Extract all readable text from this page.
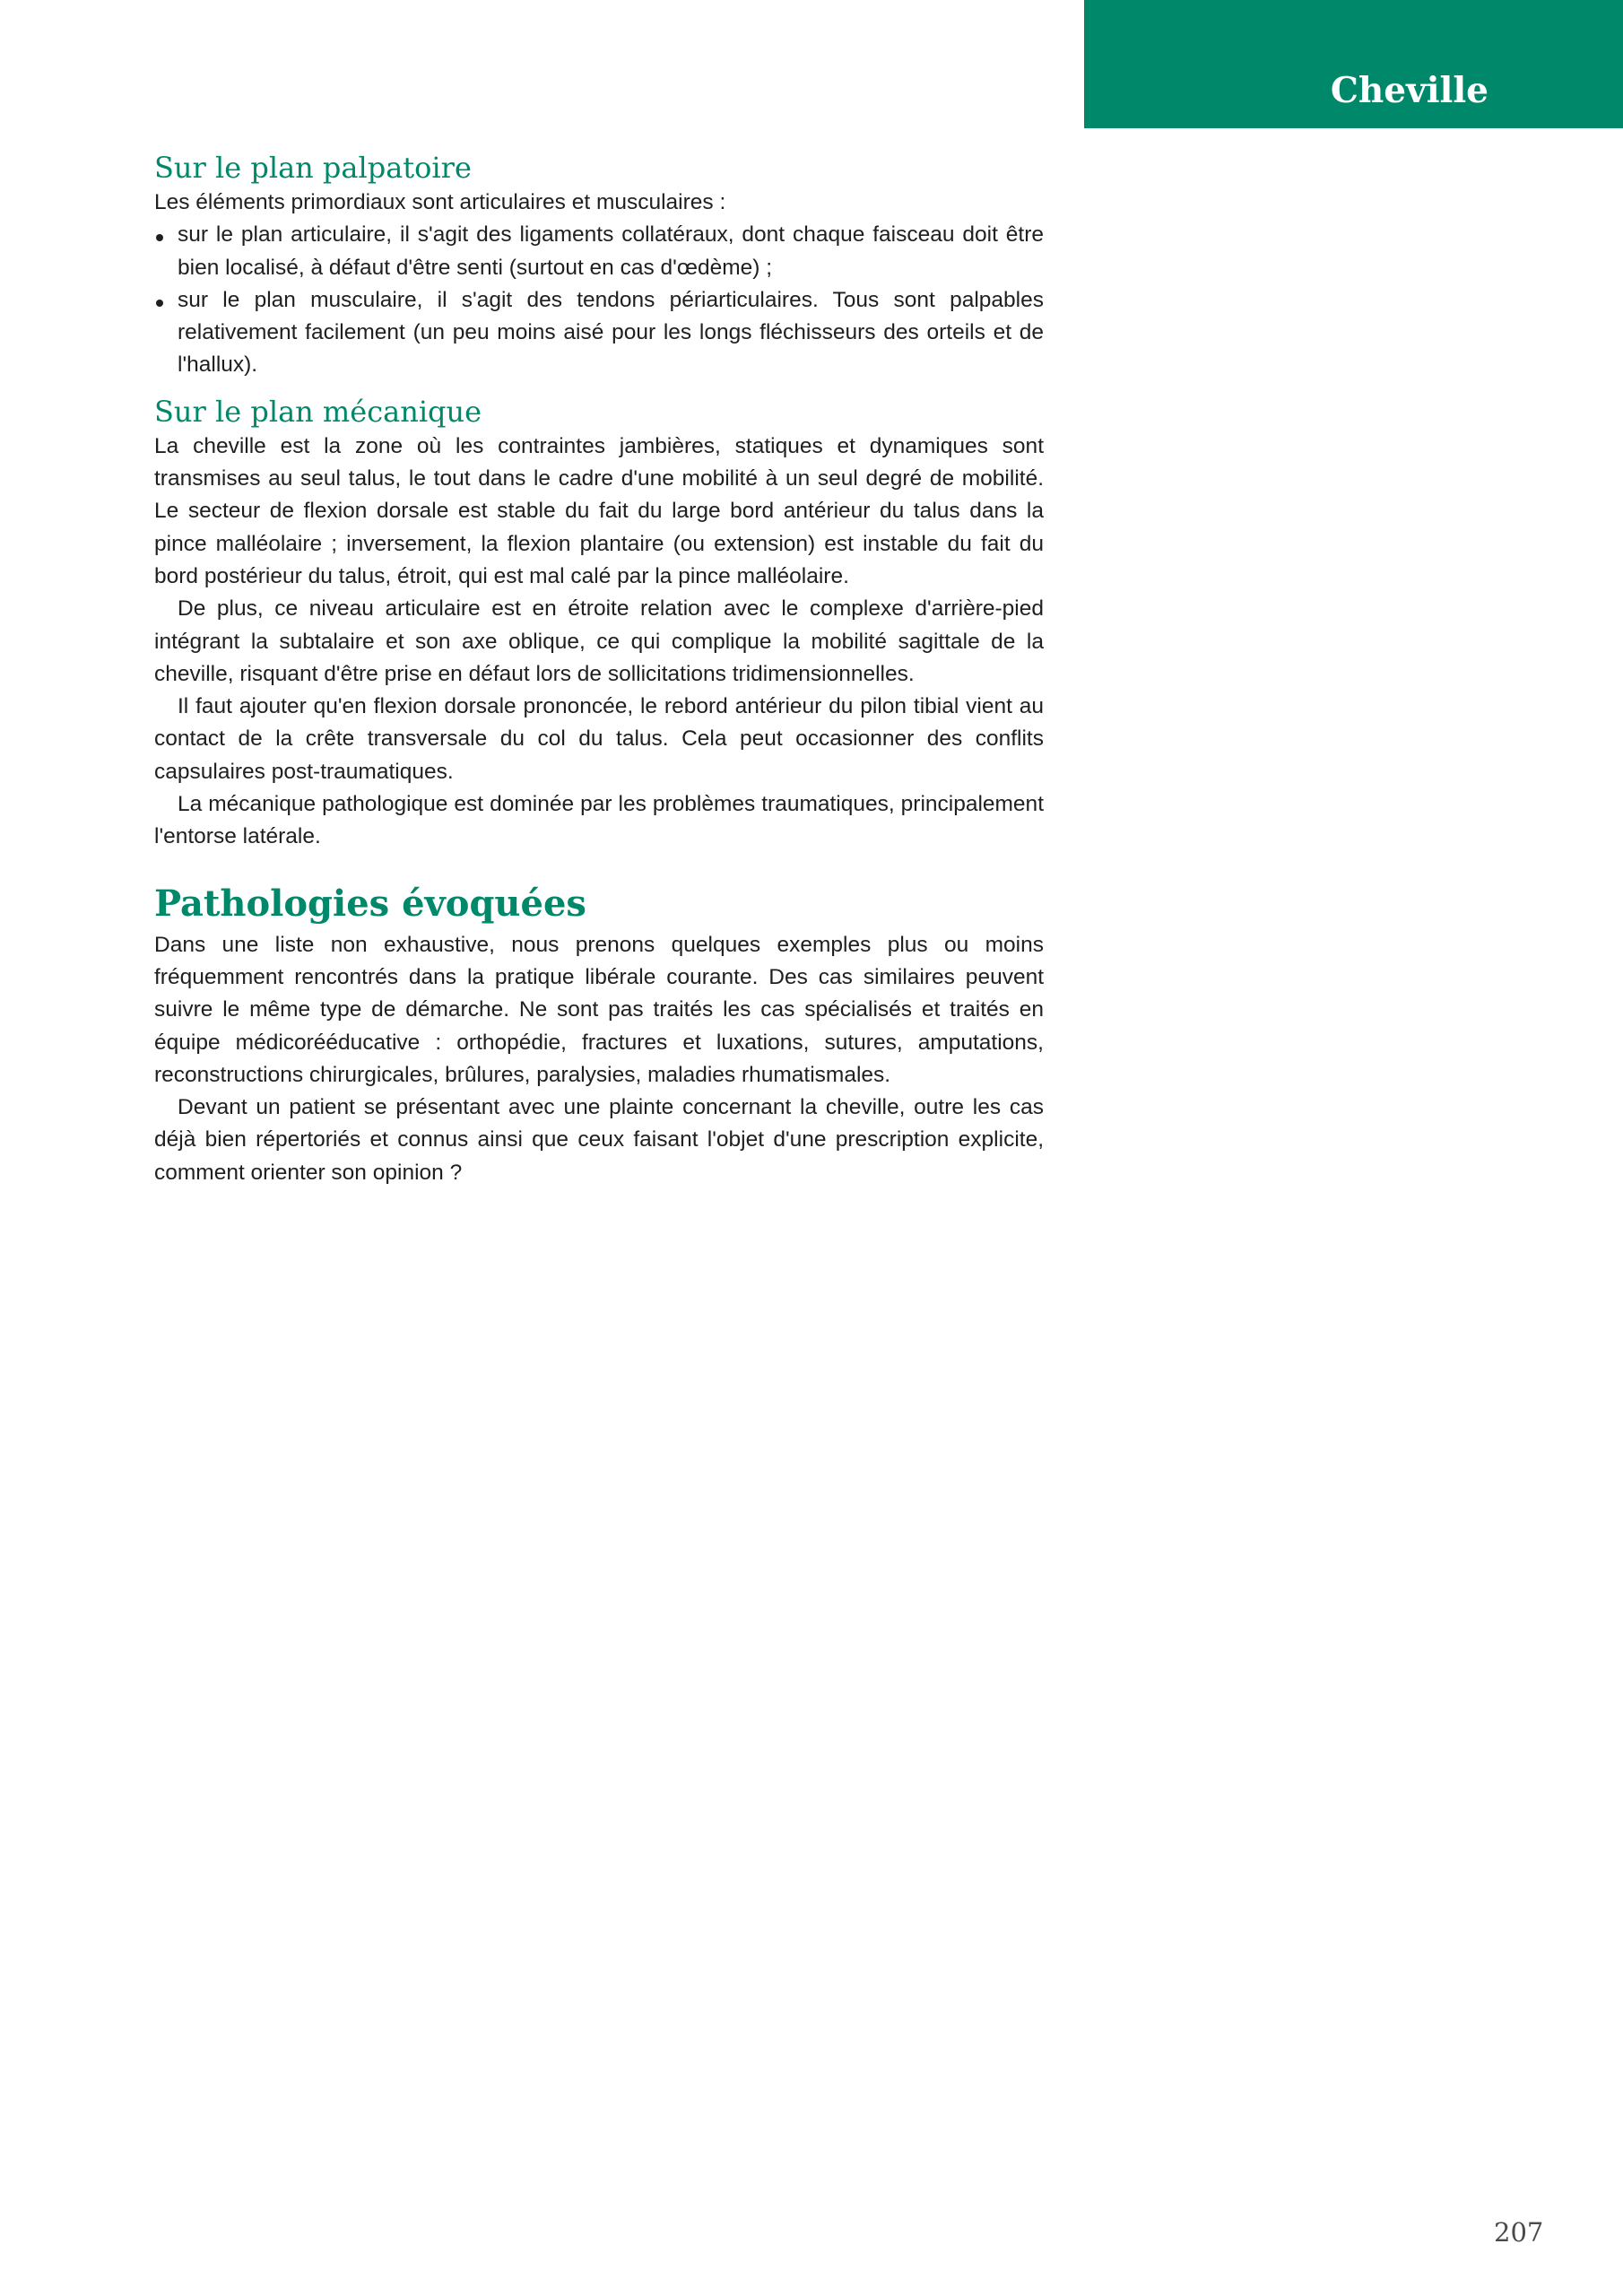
Cheville
Sur le plan palpatoire

Les éléments primordiaux sont articulaires et musculaires :

sur le plan articulaire, il s'agit des ligaments collatéraux, dont chaque faisceau doit être bien localisé, à défaut d'être senti (surtout en cas d'œdème) ;
sur le plan musculaire, il s'agit des tendons périarticulaires. Tous sont palpables relativement facilement (un peu moins aisé pour les longs fléchisseurs des orteils et de l'hallux).
Sur le plan mécanique

La cheville est la zone où les contraintes jambières, statiques et dynamiques sont transmises au seul talus, le tout dans le cadre d'une mobilité à un seul degré de mobilité. Le secteur de flexion dorsale est stable du fait du large bord antérieur du talus dans la pince malléolaire ; inversement, la flexion plantaire (ou extension) est instable du fait du bord postérieur du talus, étroit, qui est mal calé par la pince malléolaire.

De plus, ce niveau articulaire est en étroite relation avec le complexe d'arrière-pied intégrant la subtalaire et son axe oblique, ce qui complique la mobilité sagittale de la cheville, risquant d'être prise en défaut lors de sollicitations tridimensionnelles.

Il faut ajouter qu'en flexion dorsale prononcée, le rebord antérieur du pilon tibial vient au contact de la crête transversale du col du talus. Cela peut occasionner des conflits capsulaires post-traumatiques.

La mécanique pathologique est dominée par les problèmes traumatiques, principalement l'entorse latérale.

Pathologies évoquées

Dans une liste non exhaustive, nous prenons quelques exemples plus ou moins fréquemment rencontrés dans la pratique libérale courante. Des cas similaires peuvent suivre le même type de démarche. Ne sont pas traités les cas spécialisés et traités en équipe médicorééducative : orthopédie, fractures et luxations, sutures, amputations, reconstructions chirurgicales, brûlures, paralysies, maladies rhumatismales.

Devant un patient se présentant avec une plainte concernant la cheville, outre les cas déjà bien répertoriés et connus ainsi que ceux faisant l'objet d'une prescription explicite, comment orienter son opinion ?

207
